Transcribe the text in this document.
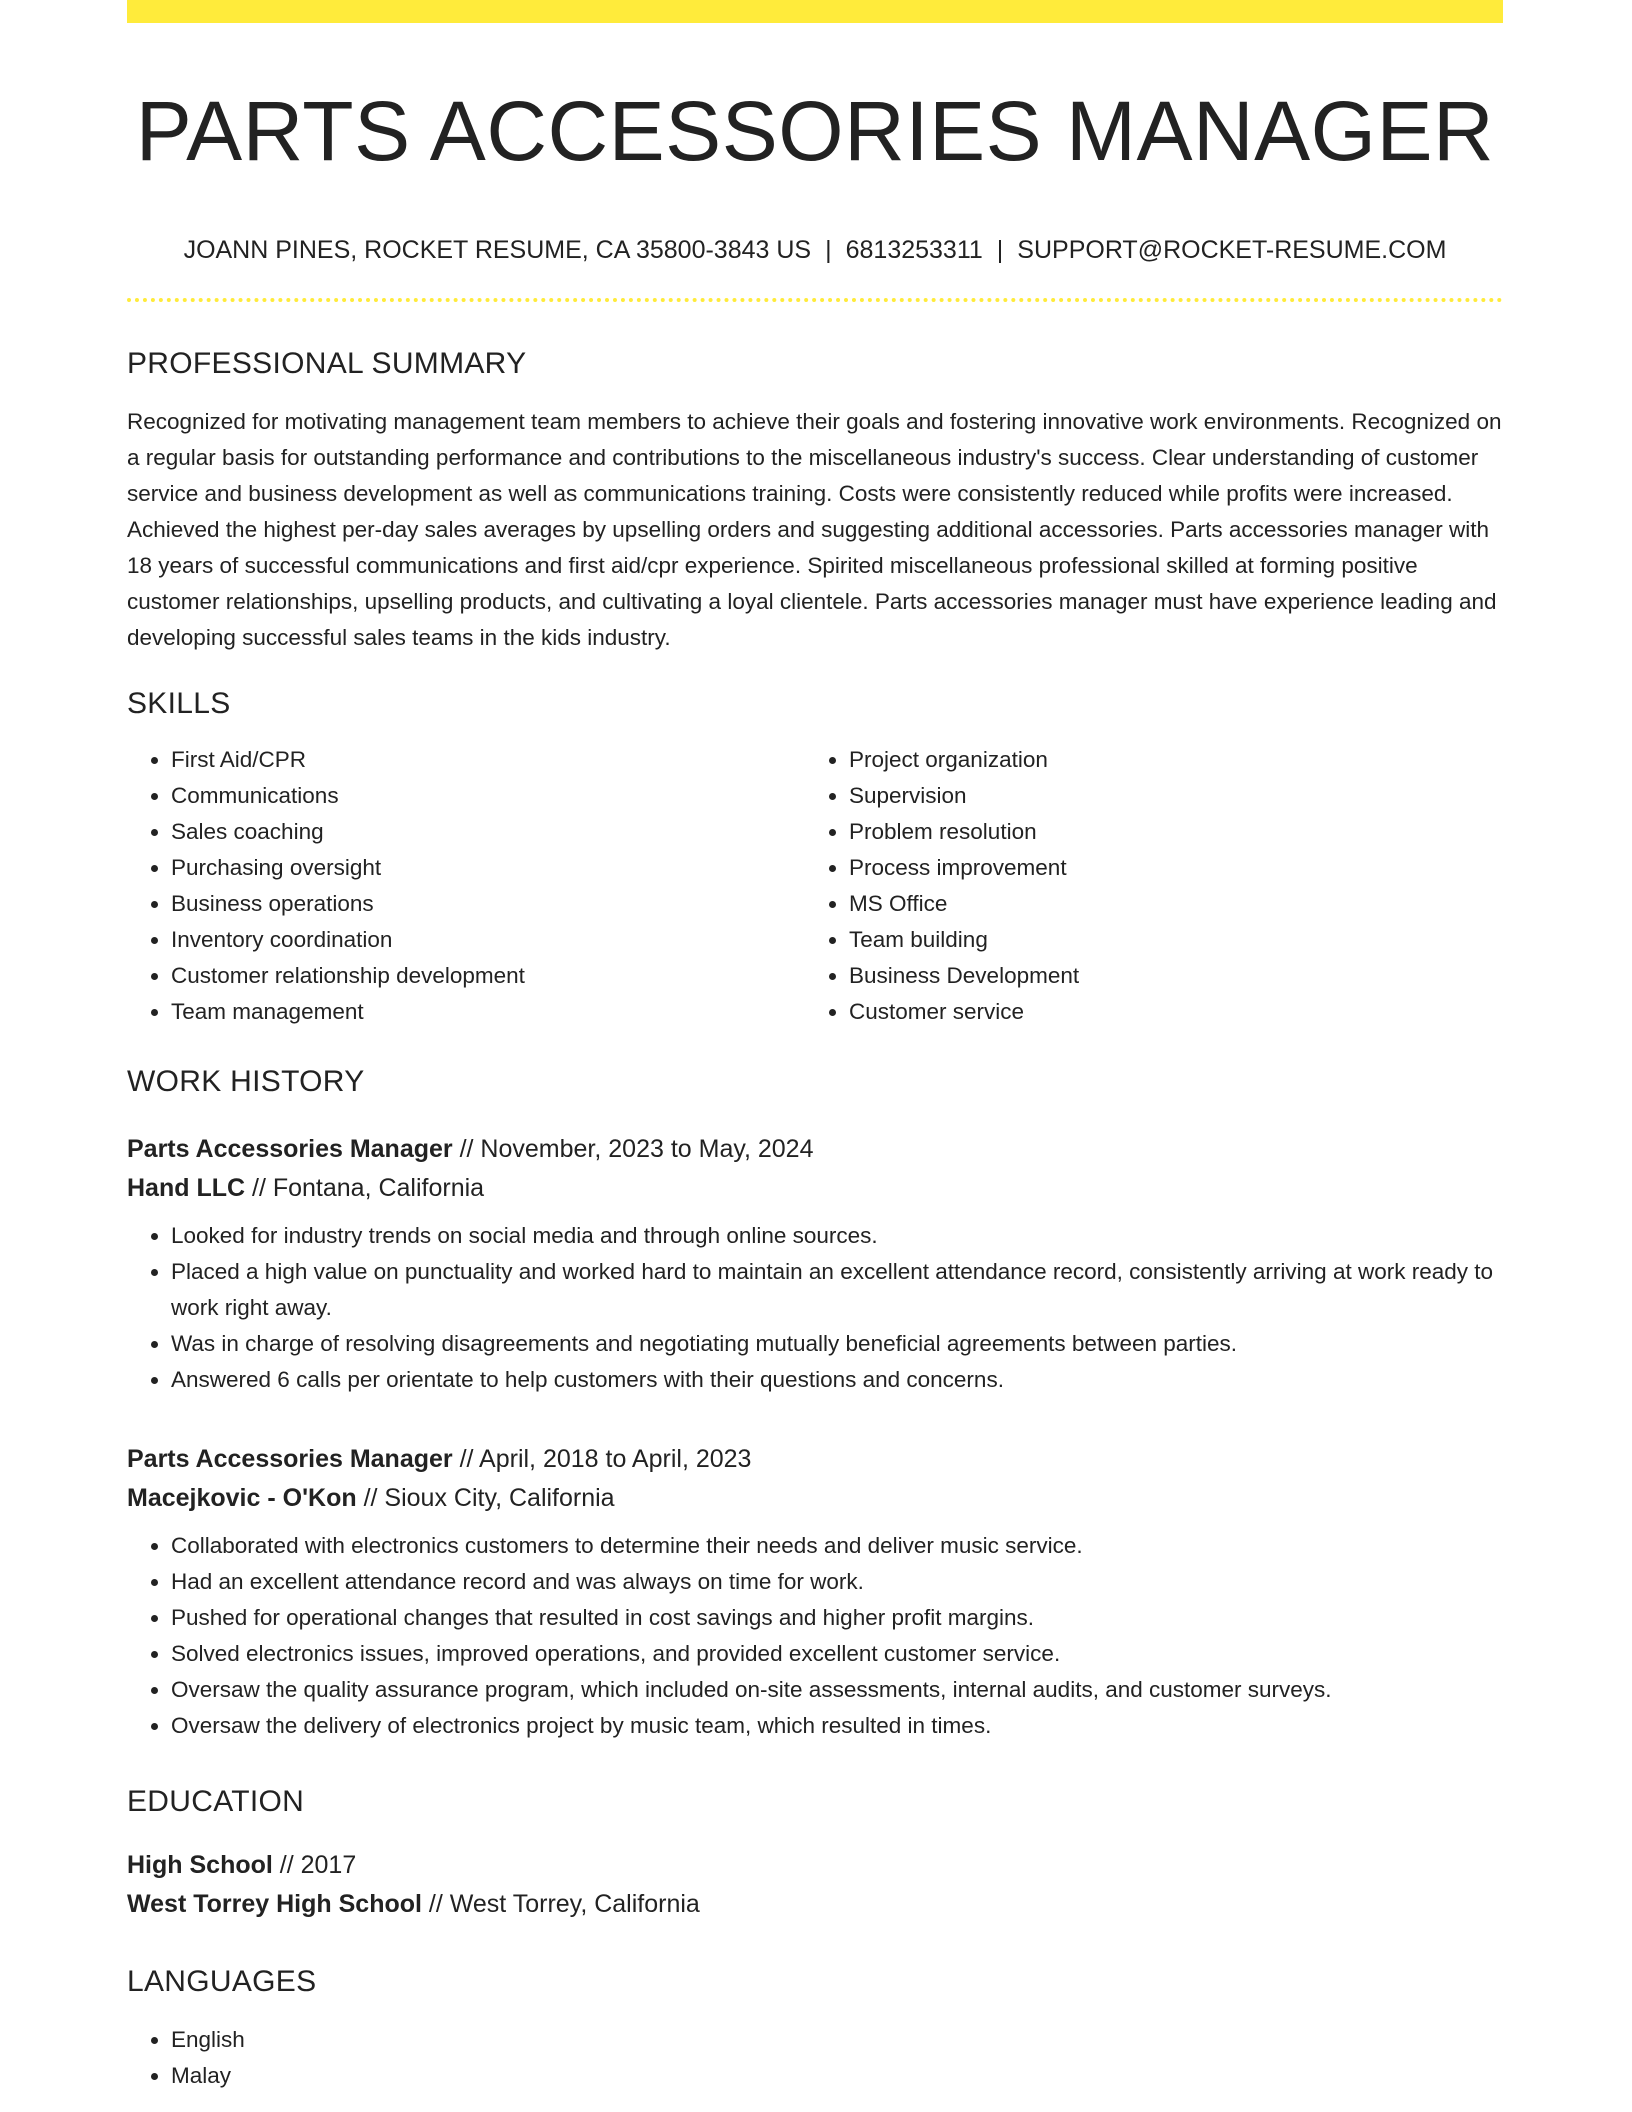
PARTS ACCESSORIES MANAGER
JOANN PINES, ROCKET RESUME, CA 35800-3843 US | 6813253311 | SUPPORT@ROCKET-RESUME.COM
PROFESSIONAL SUMMARY
Recognized for motivating management team members to achieve their goals and fostering innovative work environments. Recognized on a regular basis for outstanding performance and contributions to the miscellaneous industry's success. Clear understanding of customer service and business development as well as communications training. Costs were consistently reduced while profits were increased. Achieved the highest per-day sales averages by upselling orders and suggesting additional accessories. Parts accessories manager with 18 years of successful communications and first aid/cpr experience. Spirited miscellaneous professional skilled at forming positive customer relationships, upselling products, and cultivating a loyal clientele. Parts accessories manager must have experience leading and developing successful sales teams in the kids industry.
SKILLS
• First Aid/CPR
• Communications
• Sales coaching
• Purchasing oversight
• Business operations
• Inventory coordination
• Customer relationship development
• Team management
• Project organization
• Supervision
• Problem resolution
• Process improvement
• MS Office
• Team building
• Business Development
• Customer service
WORK HISTORY
Parts Accessories Manager // November, 2023 to May, 2024
Hand LLC // Fontana, California
• Looked for industry trends on social media and through online sources.
• Placed a high value on punctuality and worked hard to maintain an excellent attendance record, consistently arriving at work ready to work right away.
• Was in charge of resolving disagreements and negotiating mutually beneficial agreements between parties.
• Answered 6 calls per orientate to help customers with their questions and concerns.
Parts Accessories Manager // April, 2018 to April, 2023
Macejkovic - O'Kon // Sioux City, California
• Collaborated with electronics customers to determine their needs and deliver music service.
• Had an excellent attendance record and was always on time for work.
• Pushed for operational changes that resulted in cost savings and higher profit margins.
• Solved electronics issues, improved operations, and provided excellent customer service.
• Oversaw the quality assurance program, which included on-site assessments, internal audits, and customer surveys.
• Oversaw the delivery of electronics project by music team, which resulted in times.
EDUCATION
High School // 2017
West Torrey High School // West Torrey, California
LANGUAGES
• English
• Malay
